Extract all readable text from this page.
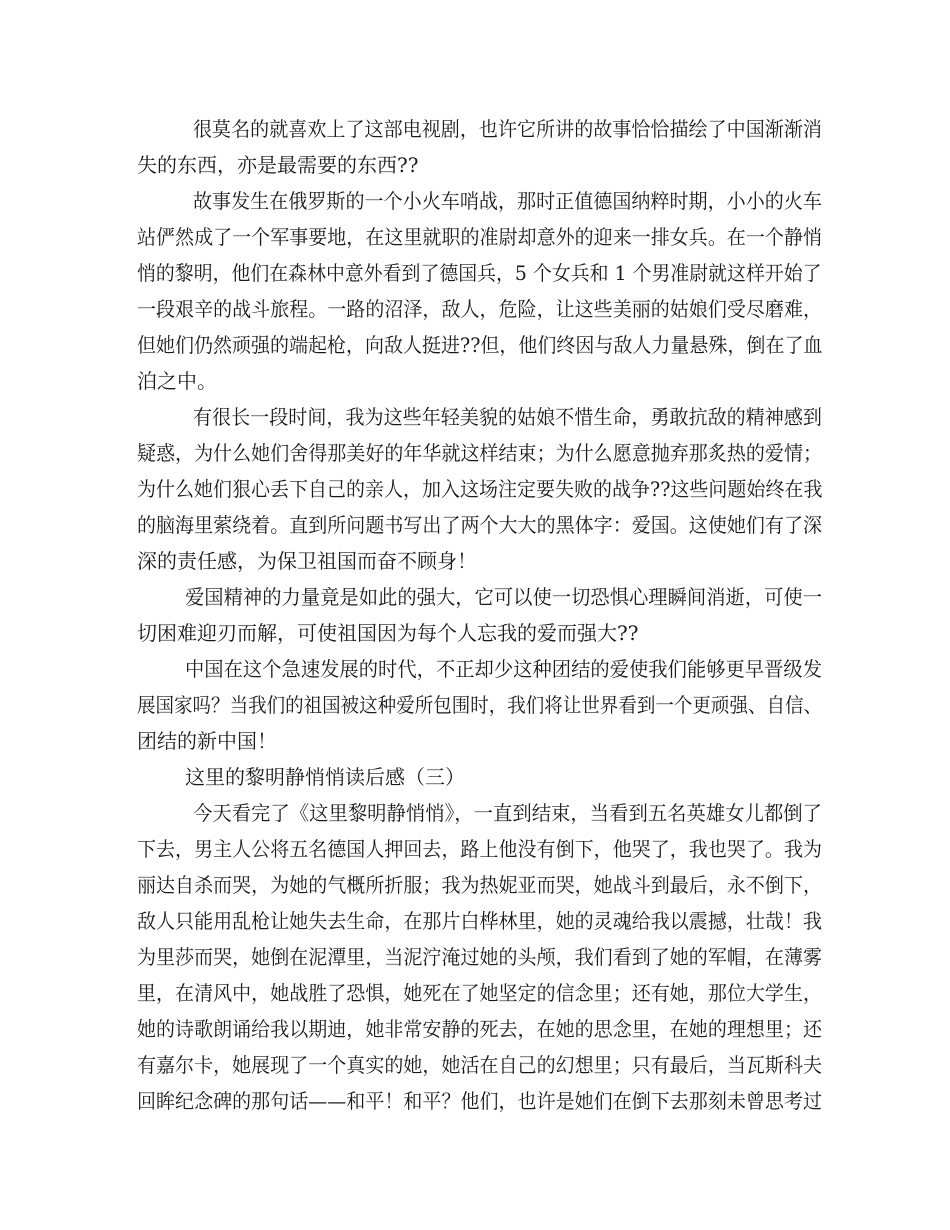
很莫名的就喜欢上了这部电视剧，也许它所讲的故事恰恰描绘了中国渐渐消
失的东西，亦是最需要的东西??
故事发生在俄罗斯的一个小火车哨战，那时正值德国纳粹时期，小小的火车
站俨然成了一个军事要地，在这里就职的准尉却意外的迎来一排女兵。在一个静悄
悄的黎明，他们在森林中意外看到了德国兵，5 个女兵和 1 个男准尉就这样开始了
一段艰辛的战斗旅程。一路的沼泽，敌人，危险，让这些美丽的姑娘们受尽磨难，
但她们仍然顽强的端起枪，向敌人挺进??但，他们终因与敌人力量悬殊，倒在了血
泊之中。
有很长一段时间，我为这些年轻美貌的姑娘不惜生命，勇敢抗敌的精神感到
疑惑，为什么她们舍得那美好的年华就这样结束；为什么愿意抛弃那炙热的爱情；
为什么她们狠心丢下自己的亲人，加入这场注定要失败的战争??这些问题始终在我
的脑海里萦绕着。直到所问题书写出了两个大大的黑体字：爱国。这使她们有了深
深的责任感，为保卫祖国而奋不顾身！
爱国精神的力量竟是如此的强大，它可以使一切恐惧心理瞬间消逝，可使一
切困难迎刃而解，可使祖国因为每个人忘我的爱而强大??
中国在这个急速发展的时代，不正却少这种团结的爱使我们能够更早晋级发
展国家吗？当我们的祖国被这种爱所包围时，我们将让世界看到一个更顽强、自信、
团结的新中国！
这里的黎明静悄悄读后感（三）
今天看完了《这里黎明静悄悄》，一直到结束，当看到五名英雄女儿都倒了
下去，男主人公将五名德国人押回去，路上他没有倒下，他哭了，我也哭了。我为
丽达自杀而哭，为她的气概所折服；我为热妮亚而哭，她战斗到最后，永不倒下，
敌人只能用乱枪让她失去生命，在那片白桦林里，她的灵魂给我以震撼，壮哉！我
为里莎而哭，她倒在泥潭里，当泥泞淹过她的头颅，我们看到了她的军帽，在薄雾
里，在清风中，她战胜了恐惧，她死在了她坚定的信念里；还有她，那位大学生，
她的诗歌朗诵给我以期迪，她非常安静的死去，在她的思念里，在她的理想里；还
有嘉尔卡，她展现了一个真实的她，她活在自己的幻想里；只有最后，当瓦斯科夫
回眸纪念碑的那句话——和平！和平？他们，也许是她们在倒下去那刻未曾思考过
